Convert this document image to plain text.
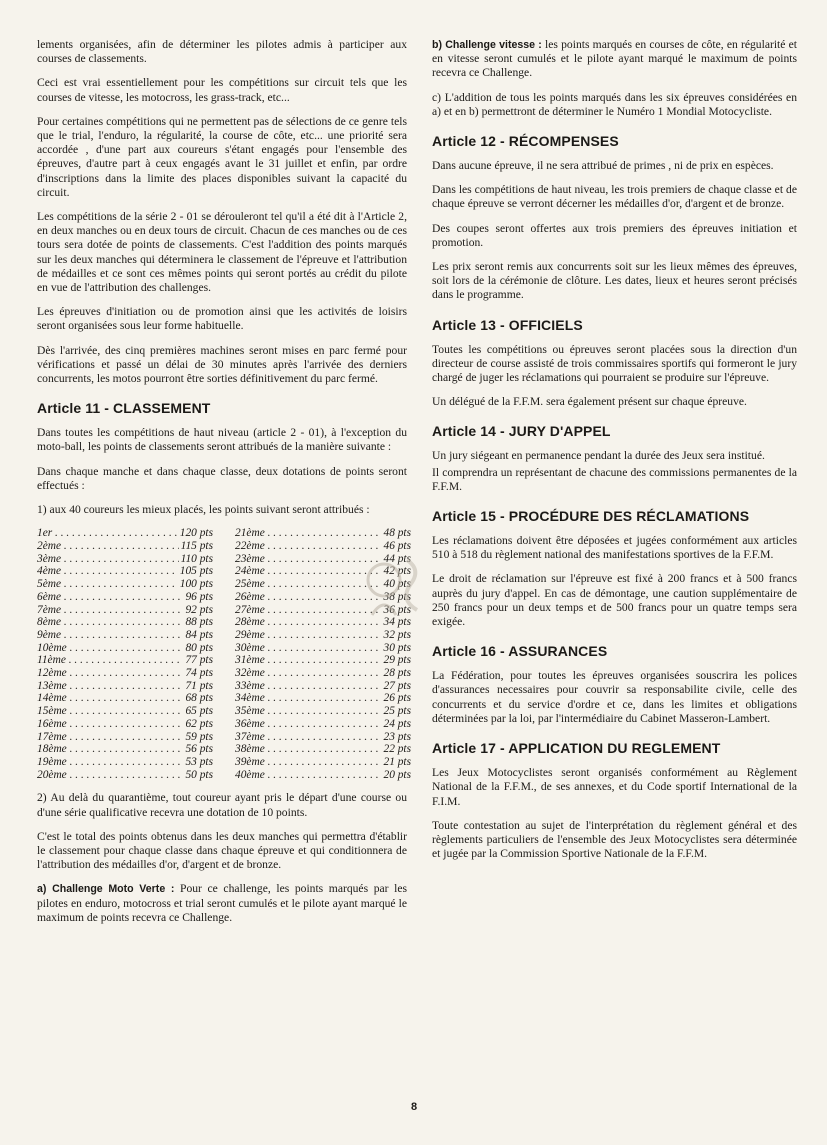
lements organisées, afin de déterminer les pilotes admis à participer aux courses de classements.

Ceci est vrai essentiellement pour les compétitions sur circuit tels que les courses de vitesse, les motocross, les grass-track, etc...

Pour certaines compétitions qui ne permettent pas de sélections de ce genre tels que le trial, l'enduro, la régularité, la course de côte, etc... une priorité sera accordée , d'une part aux coureurs s'étant engagés pour l'ensemble des épreuves, d'autre part à ceux engagés avant le 31 juillet et enfin, par ordre d'inscriptions dans la limite des places disponibles suivant la capacité du circuit.

Les compétitions de la série 2 - 01 se dérouleront tel qu'il a été dit à l'Article 2, en deux manches ou en deux tours de circuit. Chacun de ces manches ou de ces tours sera dotée de points de classements. C'est l'addition des points marqués sur les deux manches qui déterminera le classement de l'épreuve et l'attribution de médailles et ce sont ces mêmes points qui seront portés au crédit du pilote en vue de l'attribution des challenges.

Les épreuves d'initiation ou de promotion ainsi que les activités de loisirs seront organisées sous leur forme habituelle.

Dès l'arrivée, des cinq premières machines seront mises en parc fermé pour vérifications et passé un délai de 30 minutes après l'arrivée des derniers concurrents, les motos pourront être sorties définitivement du parc fermé.

Article 11 - CLASSEMENT

Dans toutes les compétitions de haut niveau (article 2 - 01), à l'exception du moto-ball, les points de classements seront attribués de la manière suivante :

Dans chaque manche et dans chaque classe, deux dotations de points seront effectués :

1) aux 40 coureurs les mieux placés, les points suivant seront attribués :

1er . . .	120 pts
2ème . . .	115 pts
3ème . . .	110 pts
4ème . . .	105 pts
5ème . . .	100 pts
6ème . . .	96 pts
7ème . . .	92 pts
8ème . . .	88 pts
9ème . . .	84 pts
10ème . . .	80 pts
11ème . . .	77 pts
12ème . . .	74 pts
13ème . . .	71 pts
14ème . . .	68 pts
15ème . . .	65 pts
16ème . . .	62 pts
17ème . . .	59 pts
18ème . . .	56 pts
19ème . . .	53 pts
20ème . . .	50 pts
21ème . . .	48 pts
22ème . . .	46 pts
23ème . . .	44 pts
24ème . . .	42 pts
25ème . . .	40 pts
26ème . . .	38 pts
27ème . . .	36 pts
28ème . . .	34 pts
29ème . . .	32 pts
30ème . . .	30 pts
31ème . . .	29 pts
32ème . . .	28 pts
33ème . . .	27 pts
34ème . . .	26 pts
35ème . . .	25 pts
36ème . . .	24 pts
37ème . . .	23 pts
38ème . . .	22 pts
39ème . . .	21 pts
40ème . . .	20 pts

2) Au delà du quarantième, tout coureur ayant pris le départ d'une course ou d'une série qualificative recevra une dotation de 10 points.

C'est le total des points obtenus dans les deux manches qui permettra d'établir le classement pour chaque classe dans chaque épreuve et qui conditionnera de l'attribution des médailles d'or, d'argent et de bronze.

a) Challenge Moto Verte : Pour ce challenge, les points marqués par les pilotes en enduro, motocross et trial seront cumulés et le pilote ayant marqué le maximum de points recevra ce Challenge.

b) Challenge vitesse : les points marqués en courses de côte, en régularité et en vitesse seront cumulés et le pilote ayant marqué le maximum de points recevra ce Challenge.

c) L'addition de tous les points marqués dans les six épreuves considérées en a) et en b) permettront de déterminer le Numéro 1 Mondial Motocycliste.

Article 12 - RÉCOMPENSES

Dans aucune épreuve, il ne sera attribué de primes , ni de prix en espèces.

Dans les compétitions de haut niveau, les trois premiers de chaque classe et de chaque épreuve se verront décerner les médailles d'or, d'argent et de bronze.

Des coupes seront offertes aux trois premiers des épreuves initiation et promotion.

Les prix seront remis aux concurrents soit sur les lieux mêmes des épreuves, soit lors de la cérémonie de clôture. Les dates, lieux et heures seront précisés dans le programme.

Article 13 - OFFICIELS

Toutes les compétitions ou épreuves seront placées sous la direction d'un directeur de course assisté de trois commissaires sportifs qui formeront le jury chargé de juger les réclamations qui pourraient se produire sur l'épreuve.

Un délégué de la F.F.M. sera également présent sur chaque épreuve.

Article 14 - JURY D'APPEL

Un jury siégeant en permanence pendant la durée des Jeux sera institué.

Il comprendra un représentant de chacune des commissions permanentes de la F.F.M.

Article 15 - PROCÉDURE DES RÉCLAMATIONS

Les réclamations doivent être déposées et jugées conformément aux articles 510 à 518 du règlement national des manifestations sportives de la F.F.M.

Le droit de réclamation sur l'épreuve est fixé à 200 francs et à 500 francs auprès du jury d'appel. En cas de démontage, une caution supplémentaire de 250 francs pour un deux temps et de 500 francs pour un quatre temps sera exigée.

Article 16 - ASSURANCES

La Fédération, pour toutes les épreuves organisées souscrira les polices d'assurances necessaires pour couvrir sa responsabilite civile, celle des concurrents et du service d'ordre et ce, dans les limites et obligations déterminées par la loi, par l'intermédiaire du Cabinet Masseron-Lambert.

Article 17 - APPLICATION DU REGLEMENT

Les Jeux Motocyclistes seront organisés conformément au Règlement National de la F.F.M., de ses annexes, et du Code sportif International de la F.I.M.

Toute contestation au sujet de l'interprétation du règlement général et des règlements particuliers de l'ensemble des Jeux Motocyclistes sera déterminée et jugée par la Commission Sportive Nationale de la F.F.M.

8
